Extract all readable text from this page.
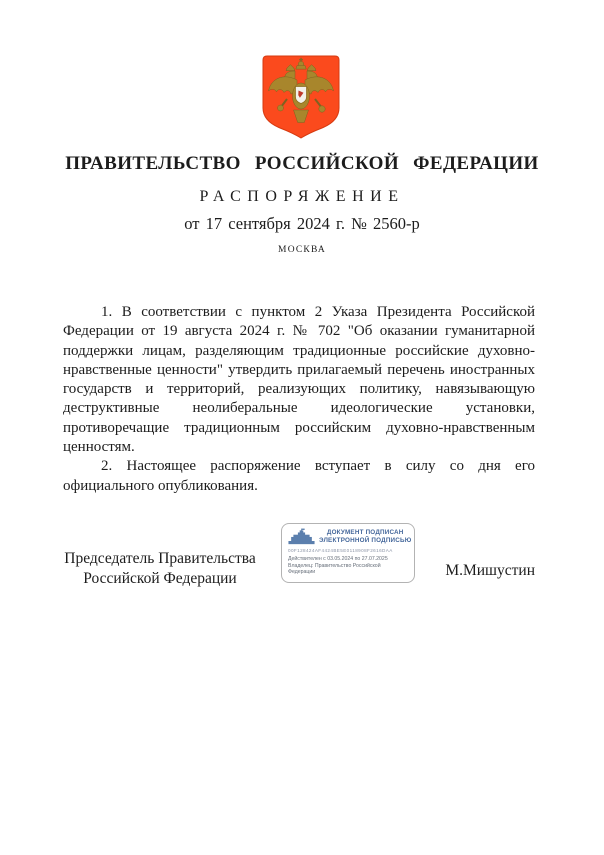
ПРАВИТЕЛЬСТВО РОССИЙСКОЙ ФЕДЕРАЦИИ
РАСПОРЯЖЕНИЕ
от 17 сентября 2024 г. № 2560-р
МОСКВА

1. В соответствии с пунктом 2 Указа Президента Российской Федерации от 19 августа 2024 г. № 702 "Об оказании гуманитарной поддержки лицам, разделяющим традиционные российские духовно-нравственные ценности" утвердить прилагаемый перечень иностранных государств и территорий, реализующих политику, навязывающую деструктивные неолиберальные идеологические установки, противоречащие традиционным российским духовно-нравственным ценностям.

2. Настоящее распоряжение вступает в силу со дня его официального опубликования.

Председатель Правительства
Российской Федерации
ДОКУМЕНТ ПОДПИСАН
ЭЛЕКТРОННОЙ ПОДПИСЬЮ
00F128424AF4424BE5E0118908F2616DAA
Действителен с 03.05.2024 по 27.07.2025
Владелец: Правительство Российской Федерации	М.Мишустин
